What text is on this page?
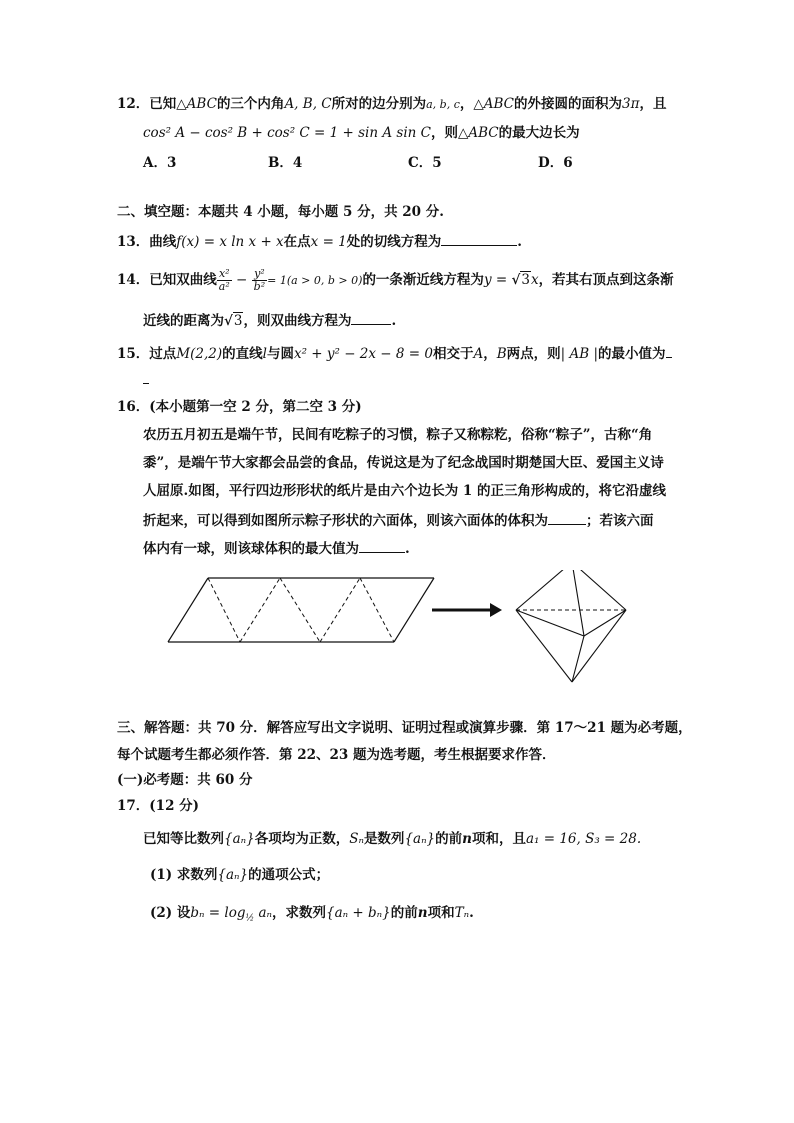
12．已知△ABC的三个内角A, B, C所对的边分别为a, b, c，△ABC的外接圆的面积为3π，且
cos² A − cos² B + cos² C = 1 + sin A sin C，则△ABC的最大边长为
A．3	B．4	C．5	D．6
二、填空题：本题共 4 小题，每小题 5 分，共 20 分.
13．曲线f(x) = x ln x + x在点x = 1处的切线方程为	.
14．已知双曲线 $\frac{\text{x²}}{\text{a²}} - \frac{\text{y²}}{\text{b²}} = 1(a > 0$, b > 0)的一条渐近线方程为y = √3x，若其右顶点到这条渐
近线的距离为√3，则双曲线方程为	.
15．过点M(2,2)的直线l与圆x² + y² − 2x − 8 = 0相交于A，B两点，则| AB |的最小值为
16．(本小题第一空 2 分，第二空 3 分)
农历五月初五是端午节，民间有吃粽子的习惯，粽子又称粽籺，俗称“粽子”，古称“角
黍”，是端午节大家都会品尝的食品，传说这是为了纪念战国时期楚国大臣、爱国主义诗
人屈原.如图，平行四边形形状的纸片是由六个边长为 1 的正三角形构成的，将它沿虚线
折起来，可以得到如图所示粽子形状的六面体，则该六面体的体积为	；若该六面
体内有一球，则该球体积的最大值为	.
三、解答题：共 70 分．解答应写出文字说明、证明过程或演算步骤．第 17～21 题为必考题，
每个试题考生都必须作答．第 22、23 题为选考题，考生根据要求作答．
(一)必考题：共 60 分
17．(12 分)
已知等比数列{aₙ}各项均为正数，Sₙ是数列{aₙ}的前n项和，且a₁ = 16, S₃ = 28.
(1) 求数列{aₙ}的通项公式；
(2) 设$b_n = \log_{\frac{1}{2}} a_n$，求数列{aₙ + bₙ}的前n项和Tₙ.
